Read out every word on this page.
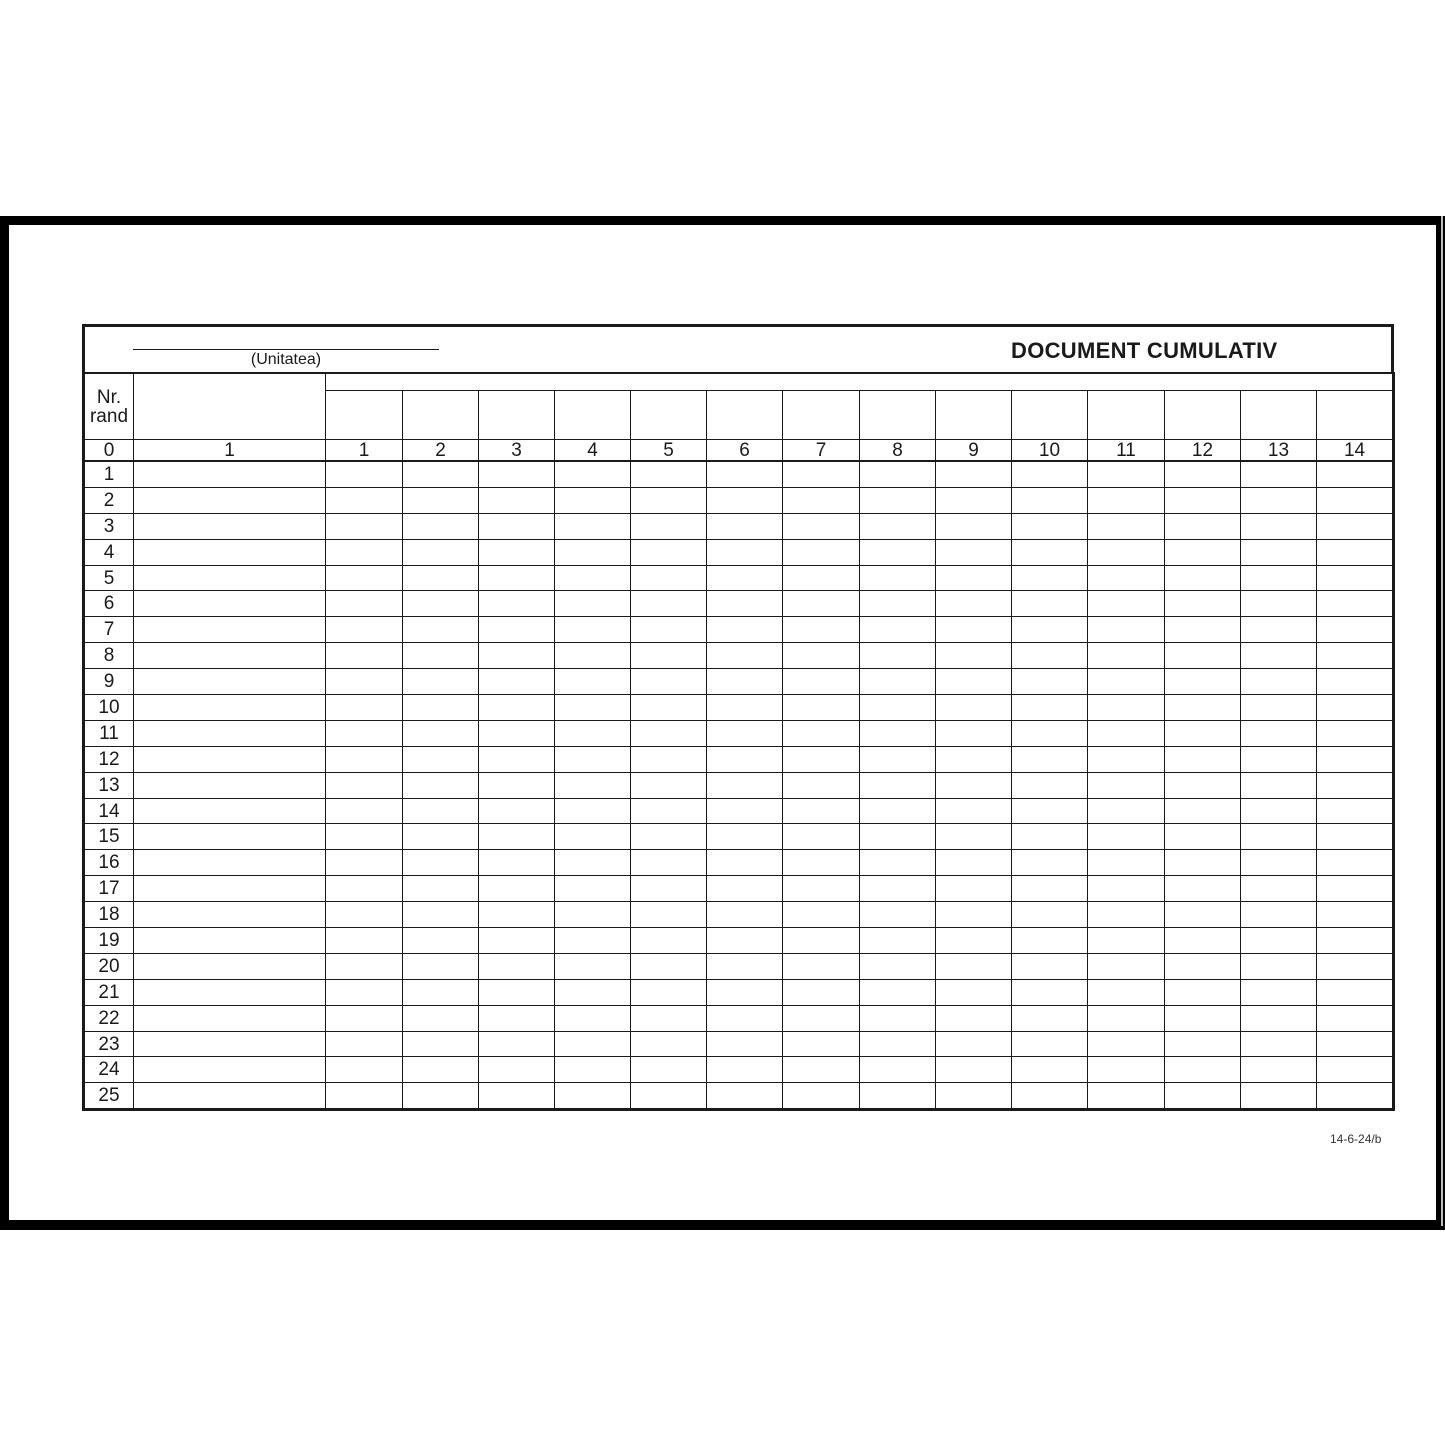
(Unitatea)	DOCUMENT CUMULATIV
Nr.
rand															

0	1	1	2	3	4	5	6	7	8	9	10	11	12	13	14
1															
2															
3															
4															
5															
6															
7															
8															
9															
10															
11															
12															
13															
14															
15															
16															
17															
18															
19															
20															
21															
22															
23															
24															
25															
14-6-24/b
